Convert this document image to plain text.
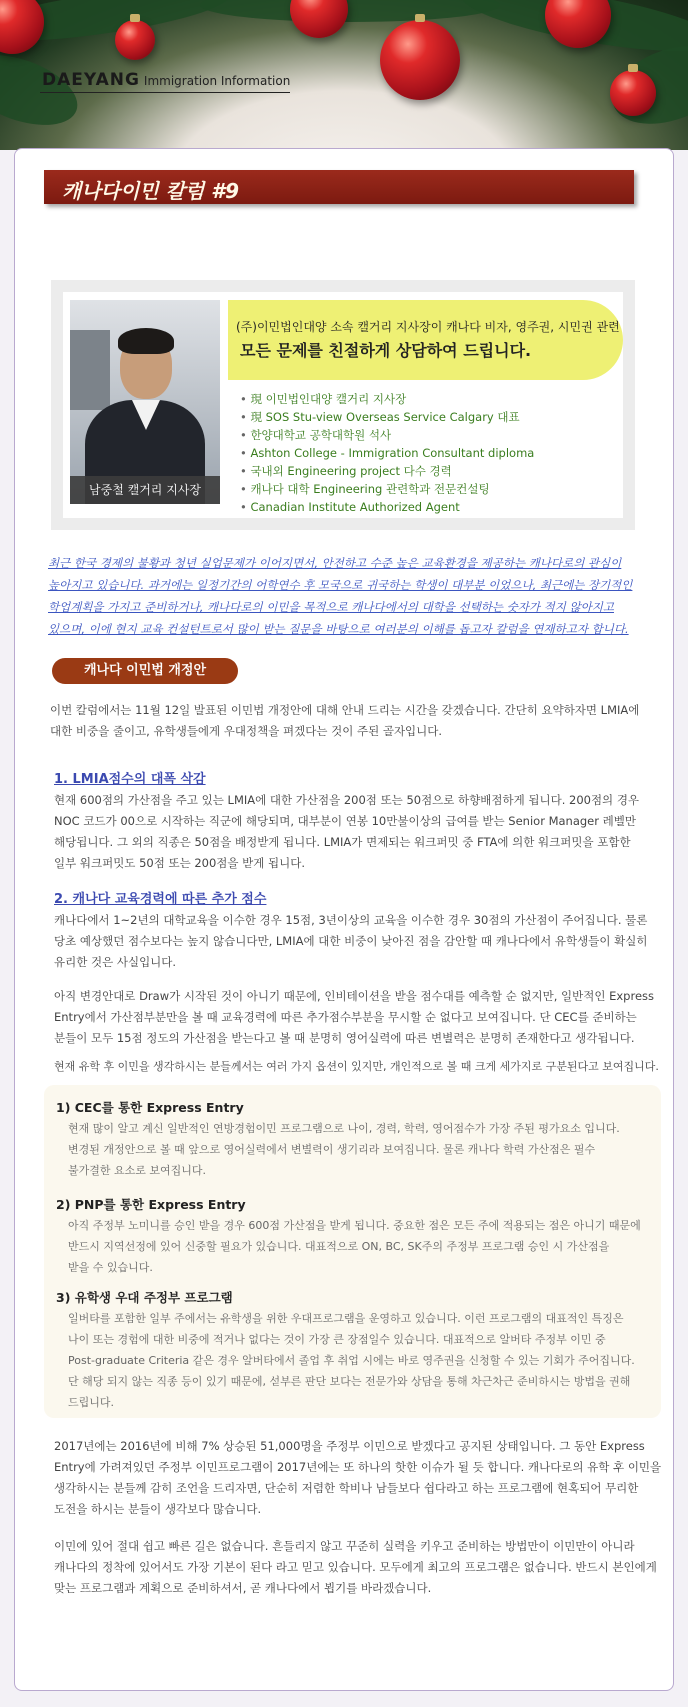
DAEYANG Immigration Information
캐나다이민 칼럼 #9
남중철 캘거리 지사장
(주)이민법인대양 소속 캘거리 지사장이 캐나다 비자, 영주권, 시민권 관련
모든 문제를 친절하게 상담하여 드립니다.
• 現 이민법인대양 캘거리 지사장
• 現 SOS Stu-view Overseas Service Calgary 대표
• 한양대학교 공학대학원 석사
• Ashton College - Immigration Consultant diploma
• 국내외 Engineering project 다수 경력
• 캐나다 대학 Engineering 관련학과 전문컨설팅
• Canadian Institute Authorized Agent
최근 한국 경제의 불황과 청년 실업문제가 이어지면서, 안전하고 수준 높은 교육환경을 제공하는 캐나다로의 관심이
높아지고 있습니다. 과거에는 일정기간의 어학연수 후 모국으로 귀국하는 학생이 대부분 이었으나, 최근에는 장기적인
학업계획을 가지고 준비하거나, 캐나다로의 이민을 목적으로 캐나다에서의 대학을 선택하는 숫자가 적지 않아지고
있으며, 이에 현지 교육 컨설턴트로서 많이 받는 질문을 바탕으로 여러분의 이해를 돕고자 칼럼을 연재하고자 합니다.
캐나다 이민법 개정안
이번 칼럼에서는 11월 12일 발표된 이민법 개정안에 대해 안내 드리는 시간을 갖겠습니다. 간단히 요약하자면 LMIA에
대한 비중을 줄이고, 유학생들에게 우대정책을 펴겠다는 것이 주된 골자입니다.
1. LMIA점수의 대폭 삭감
현재 600점의 가산점을 주고 있는 LMIA에 대한 가산점을 200점 또는 50점으로 하향배점하게 됩니다. 200점의 경우
NOC 코드가 00으로 시작하는 직군에 해당되며, 대부분이 연봉 10만불이상의 급여를 받는 Senior Manager 레벨만
해당됩니다. 그 외의 직종은 50점을 배정받게 됩니다. LMIA가 면제되는 워크퍼밋 중 FTA에 의한 워크퍼밋을 포함한
일부 워크퍼밋도 50점 또는 200점을 받게 됩니다.
2. 캐나다 교육경력에 따른 추가 점수
캐나다에서 1~2년의 대학교육을 이수한 경우 15점, 3년이상의 교육을 이수한 경우 30점의 가산점이 주어집니다. 물론
당초 예상했던 점수보다는 높지 않습니다만, LMIA에 대한 비중이 낮아진 점을 감안할 때 캐나다에서 유학생들이 확실히
유리한 것은 사실입니다.
아직 변경안대로 Draw가 시작된 것이 아니기 때문에, 인비테이션을 받을 점수대를 예측할 순 없지만, 일반적인 Express
Entry에서 가산점부분만을 볼 때 교육경력에 따른 추가점수부분을 무시할 순 없다고 보여집니다. 단 CEC를 준비하는
분들이 모두 15점 정도의 가산점을 받는다고 볼 때 분명히 영어실력에 따른 변별력은 분명히 존재한다고 생각됩니다.
현재 유학 후 이민을 생각하시는 분들께서는 여러 가지 옵션이 있지만, 개인적으로 볼 때 크게 세가지로 구분된다고 보여집니다.
1) CEC를 통한 Express Entry
현재 많이 알고 계신 일반적인 연방경험이민 프로그램으로 나이, 경력, 학력, 영어점수가 가장 주된 평가요소 입니다.
변경된 개정안으로 볼 때 앞으로 영어실력에서 변별력이 생기리라 보여집니다. 물론 캐나다 학력 가산점은 필수
불가결한 요소로 보여집니다.
2) PNP를 통한 Express Entry
아직 주정부 노미니를 승인 받을 경우 600점 가산점을 받게 됩니다. 중요한 점은 모든 주에 적용되는 점은 아니기 때문에
반드시 지역선정에 있어 신중할 필요가 있습니다. 대표적으로 ON, BC, SK주의 주정부 프로그램 승인 시 가산점을
받을 수 있습니다.
3) 유학생 우대 주정부 프로그램
일버타를 포함한 일부 주에서는 유학생을 위한 우대프로그램을 운영하고 있습니다. 이런 프로그램의 대표적인 특징은
나이 또는 경험에 대한 비중에 적거나 없다는 것이 가장 큰 장점일수 있습니다. 대표적으로 알버타 주정부 이민 중
Post-graduate Criteria 같은 경우 알버타에서 졸업 후 취업 시에는 바로 영주권을 신청할 수 있는 기회가 주어집니다.
단 해당 되지 않는 직종 등이 있기 때문에, 섣부른 판단 보다는 전문가와 상담을 통해 차근차근 준비하시는 방법을 권해
드립니다.
2017년에는 2016년에 비해 7% 상승된 51,000명을 주정부 이민으로 받겠다고 공지된 상태입니다. 그 동안 Express
Entry에 가려져있던 주정부 이민프로그램이 2017년에는 또 하나의 핫한 이슈가 될 듯 합니다. 캐나다로의 유학 후 이민을
생각하시는 분들께 감히 조언을 드리자면, 단순히 저렴한 학비나 남들보다 쉽다라고 하는 프로그램에 현혹되어 무리한
도전을 하시는 분들이 생각보다 많습니다.
이민에 있어 절대 쉽고 빠른 길은 없습니다. 흔들리지 않고 꾸준히 실력을 키우고 준비하는 방법만이 이민만이 아니라
캐나다의 정착에 있어서도 가장 기본이 된다 라고 믿고 있습니다. 모두에게 최고의 프로그램은 없습니다. 반드시 본인에게
맞는 프로그램과 계획으로 준비하셔서, 곧 캐나다에서 뵙기를 바라겠습니다.
